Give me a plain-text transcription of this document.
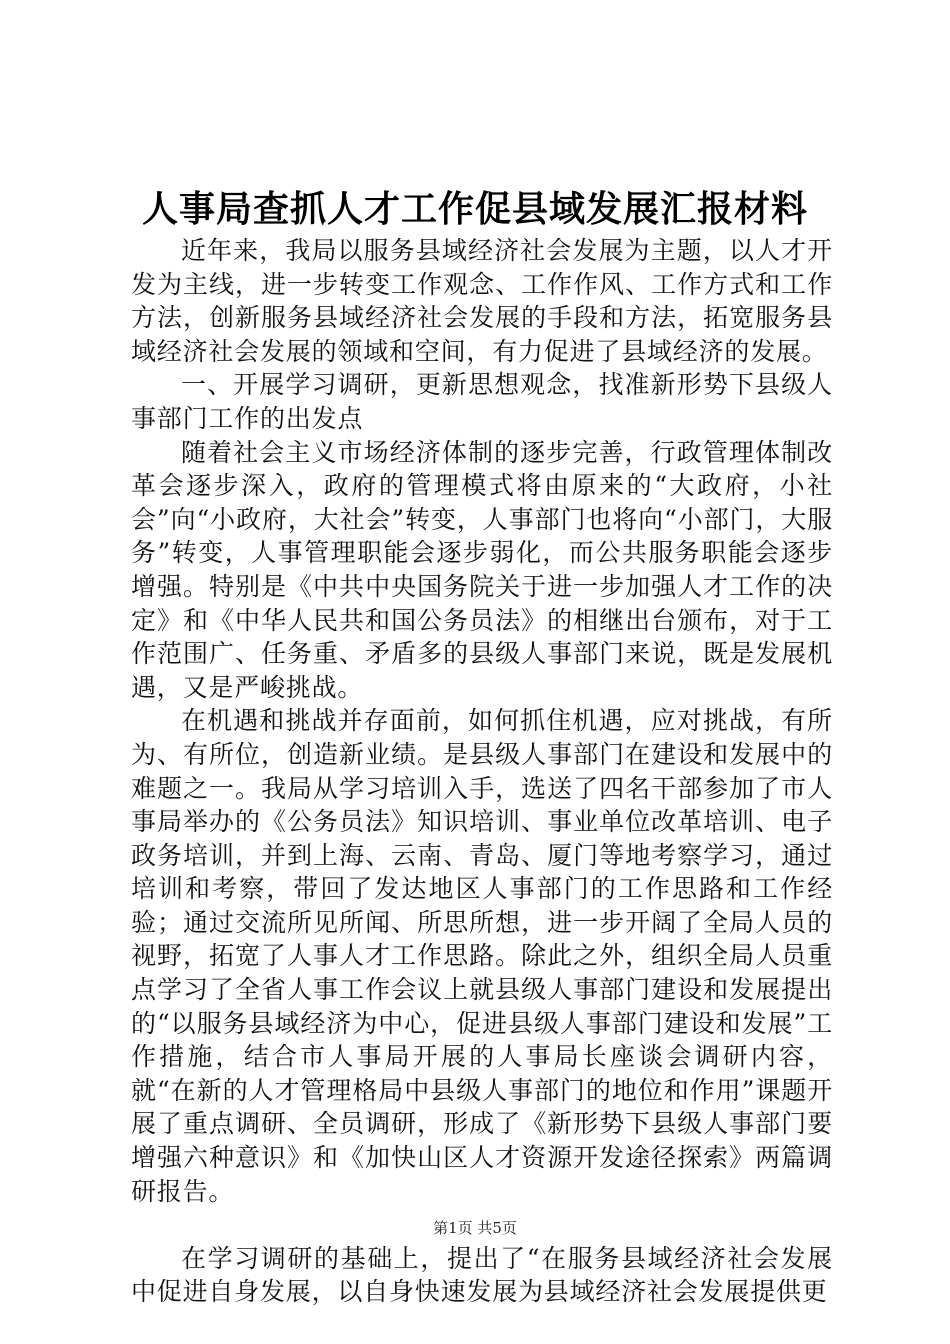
人事局查抓人才工作促县域发展汇报材料

近年来，我局以服务县域经济社会发展为主题，以人才开发为主线，进一步转变工作观念、工作作风、工作方式和工作方法，创新服务县域经济社会发展的手段和方法，拓宽服务县域经济社会发展的领域和空间，有力促进了县域经济的发展。

一、开展学习调研，更新思想观念，找准新形势下县级人事部门工作的出发点

随着社会主义市场经济体制的逐步完善，行政管理体制改革会逐步深入，政府的管理模式将由原来的“大政府，小社会”向“小政府，大社会”转变，人事部门也将向“小部门，大服务”转变，人事管理职能会逐步弱化，而公共服务职能会逐步增强。特别是《中共中央国务院关于进一步加强人才工作的决定》和《中华人民共和国公务员法》的相继出台颁布，对于工作范围广、任务重、矛盾多的县级人事部门来说，既是发展机遇，又是严峻挑战。

在机遇和挑战并存面前，如何抓住机遇，应对挑战，有所为、有所位，创造新业绩。是县级人事部门在建设和发展中的难题之一。我局从学习培训入手，选送了四名干部参加了市人事局举办的《公务员法》知识培训、事业单位改革培训、电子政务培训，并到上海、云南、青岛、厦门等地考察学习，通过培训和考察，带回了发达地区人事部门的工作思路和工作经验；通过交流所见所闻、所思所想，进一步开阔了全局人员的视野，拓宽了人事人才工作思路。除此之外，组织全局人员重点学习了全省人事工作会议上就县级人事部门建设和发展提出的“以服务县域经济为中心，促进县级人事部门建设和发展”工作措施，结合市人事局开展的人事局长座谈会调研内容，就“在新的人才管理格局中县级人事部门的地位和作用”课题开展了重点调研、全员调研，形成了《新形势下县级人事部门要增强六种意识》和《加快山区人才资源开发途径探索》两篇调研报告。

在学习调研的基础上，提出了“在服务县域经济社会发展中促进自身发展，以自身快速发展为县域经济社会发展提供更

第1页 共5页
